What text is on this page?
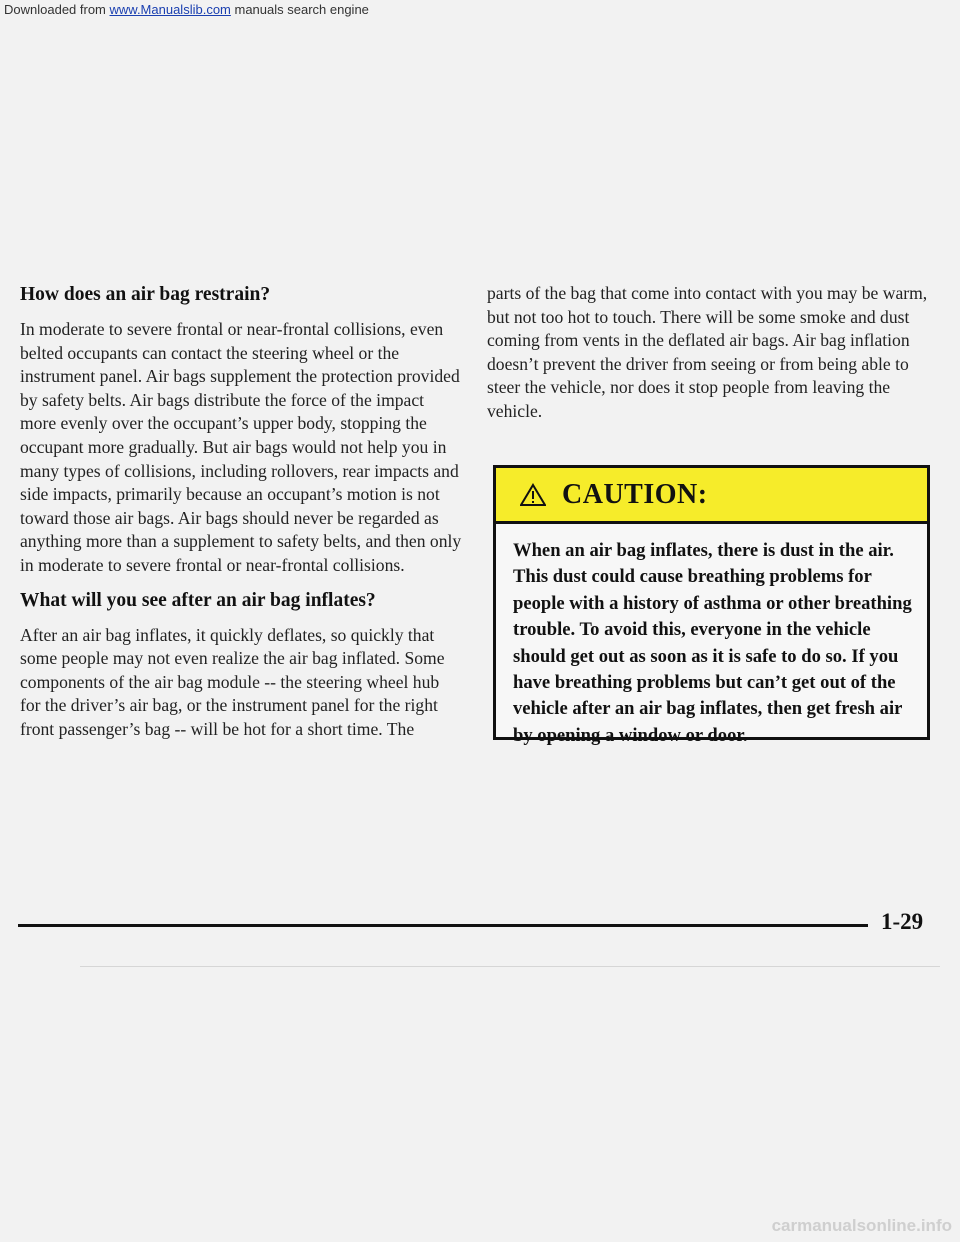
Downloaded from www.Manualslib.com manuals search engine
How does an air bag restrain?

In moderate to severe frontal or near-frontal collisions, even belted occupants can contact the steering wheel or the instrument panel. Air bags supplement the protection provided by safety belts. Air bags distribute the force of the impact more evenly over the occupant’s upper body, stopping the occupant more gradually. But air bags would not help you in many types of collisions, including rollovers, rear impacts and side impacts, primarily because an occupant’s motion is not toward those air bags. Air bags should never be regarded as anything more than a supplement to safety belts, and then only in moderate to severe frontal or near-frontal collisions.

What will you see after an air bag inflates?

After an air bag inflates, it quickly deflates, so quickly that some people may not even realize the air bag inflated. Some components of the air bag module -- the steering wheel hub for the driver’s air bag, or the instrument panel for the right front passenger’s bag -- will be hot for a short time. The

parts of the bag that come into contact with you may be warm, but not too hot to touch. There will be some smoke and dust coming from vents in the deflated air bags. Air bag inflation doesn’t prevent the driver from seeing or from being able to steer the vehicle, nor does it stop people from leaving the vehicle.

CAUTION:
When an air bag inflates, there is dust in the air. This dust could cause breathing problems for people with a history of asthma or other breathing trouble. To avoid this, everyone in the vehicle should get out as soon as it is safe to do so. If you have breathing problems but can’t get out of the vehicle after an air bag inflates, then get fresh air by opening a window or door.
1-29
carmanualsonline.info
